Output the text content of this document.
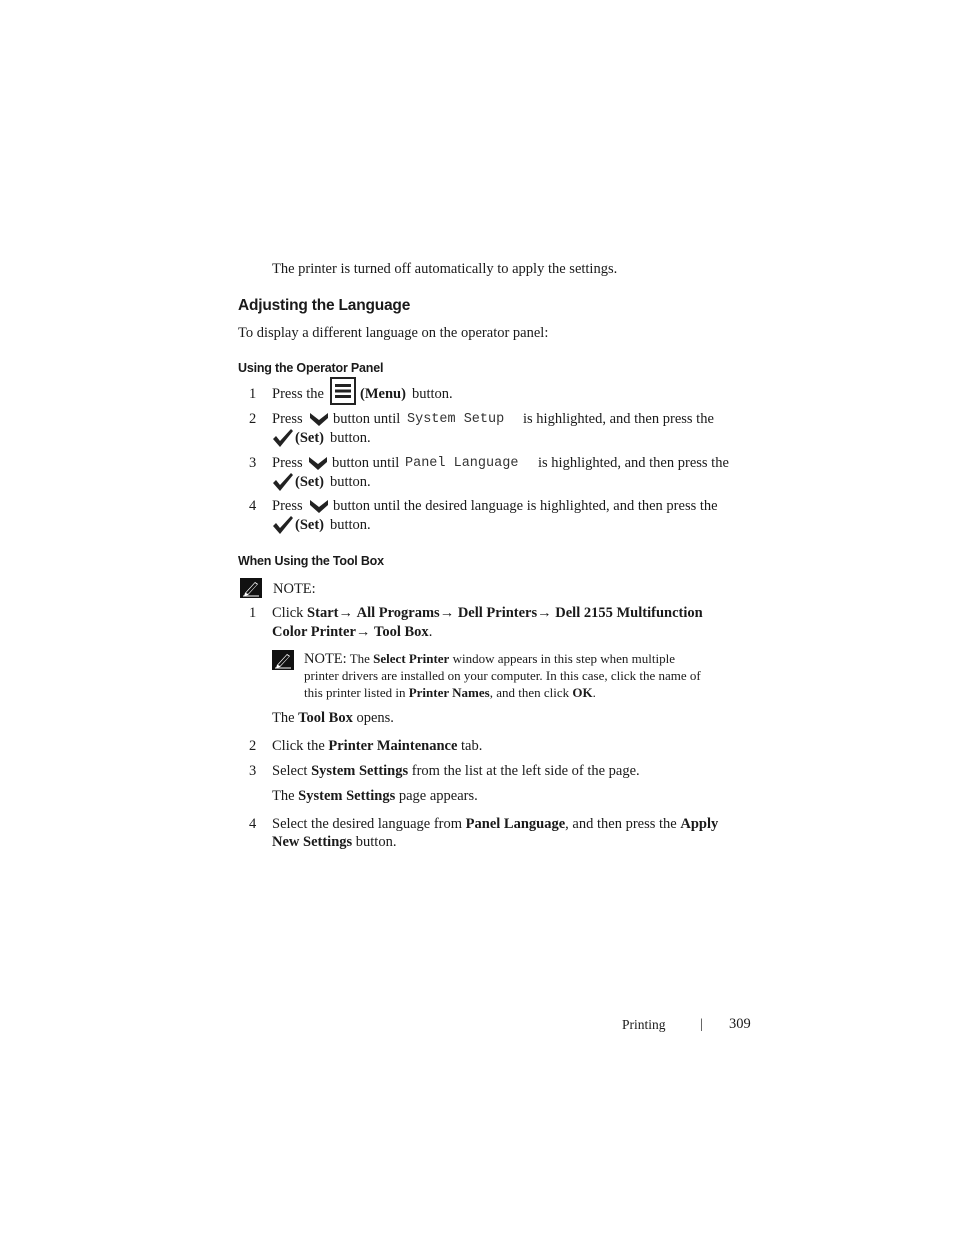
The printer is turned off automatically to apply the settings.
Adjusting the Language
To display a different language on the operator panel:
Using the Operator Panel
1 Press the (Menu) button.
2 Press button until System Setup is highlighted, and then press the
(Set) button.
3 Press button until Panel Language is highlighted, and then press the
(Set) button.
4 Press button until the desired language is highlighted, and then press the
(Set) button.
When Using the Tool Box
NOTE:
1 Click Start→ All Programs→ Dell Printers→ Dell 2155 Multifunction
Color Printer→ Tool Box.
NOTE: The Select Printer window appears in this step when multiple
printer drivers are installed on your computer. In this case, click the name of
this printer listed in Printer Names, and then click OK.
The Tool Box opens.
2 Click the Printer Maintenance tab.
3 Select System Settings from the list at the left side of the page.
The System Settings page appears.
4 Select the desired language from Panel Language, and then press the Apply
New Settings button.
Printing	| 309
